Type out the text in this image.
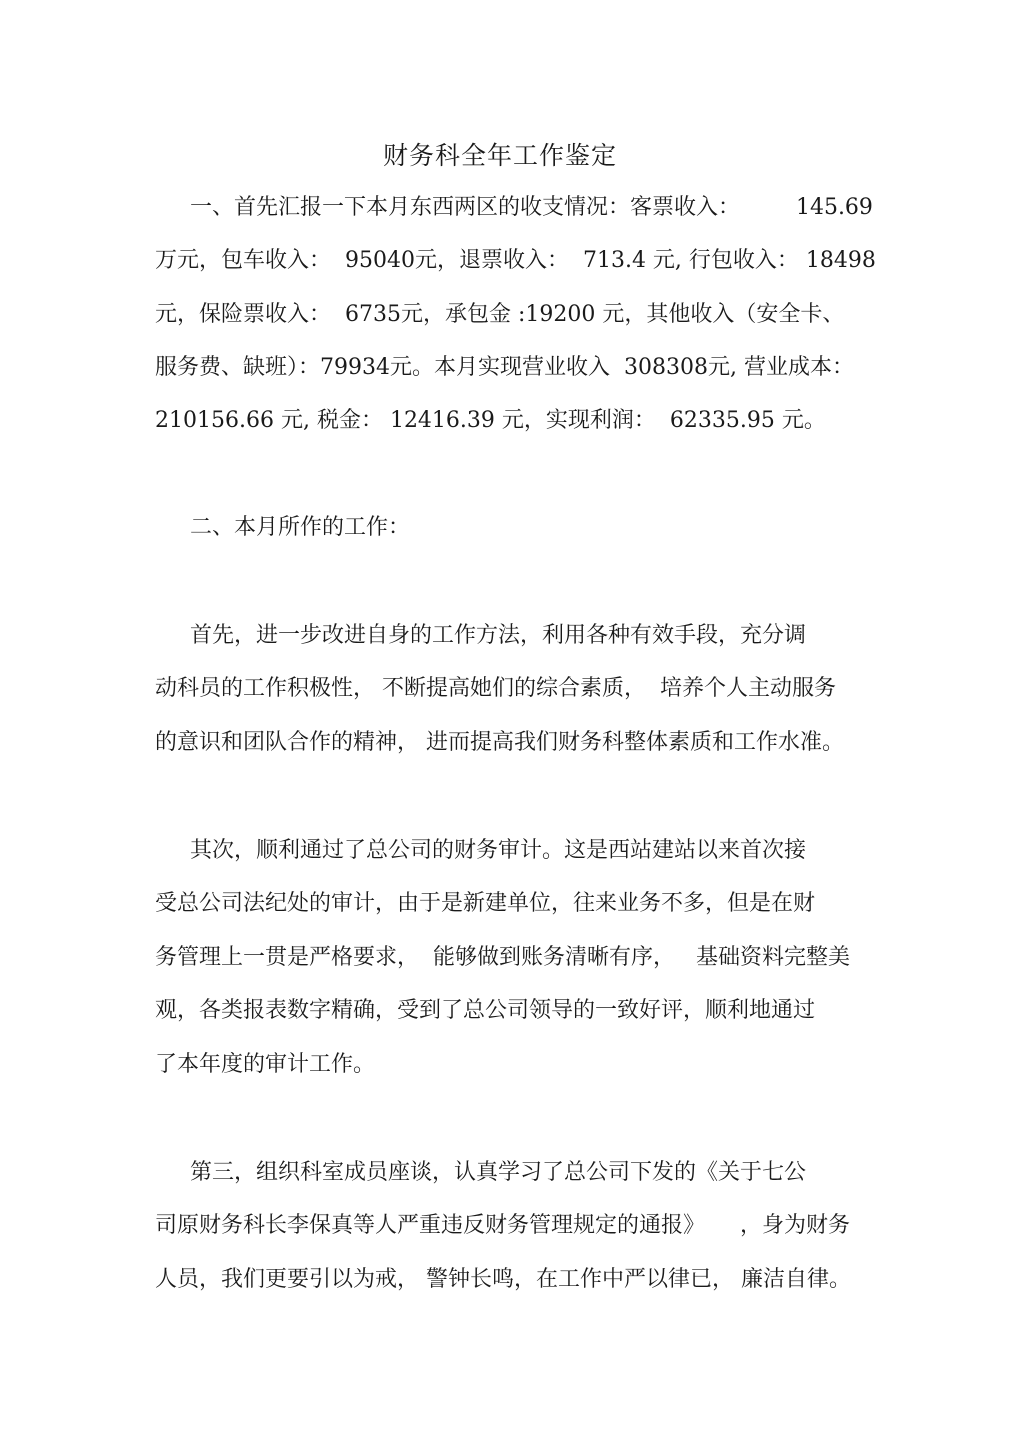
财务科全年工作鉴定
一、首先汇报一下本月东西两区的收支情况：客票收入：        145.69
万元，包车收入：  95040元，退票收入：  713.4 元, 行包收入： 18498
元，保险票收入：  6735元，承包金 :19200 元，其他收入（安全卡、
服务费、缺班）：79934元。本月实现营业收入  308308元, 营业成本：
210156.66 元, 税金： 12416.39 元，实现利润：  62335.95 元。
二、本月所作的工作：
首先，进一步改进自身的工作方法，利用各种有效手段，充分调
动科员的工作积极性， 不断提高她们的综合素质，  培养个人主动服务
的意识和团队合作的精神， 进而提高我们财务科整体素质和工作水准。
其次，顺利通过了总公司的财务审计。这是西站建站以来首次接
受总公司法纪处的审计，由于是新建单位，往来业务不多，但是在财
务管理上一贯是严格要求，  能够做到账务清晰有序，   基础资料完整美
观，各类报表数字精确，受到了总公司领导的一致好评，顺利地通过
了本年度的审计工作。
第三，组织科室成员座谈，认真学习了总公司下发的《关于七公
司原财务科长李保真等人严重违反财务管理规定的通报》     ，身为财务
人员，我们更要引以为戒， 警钟长鸣，在工作中严以律已， 廉洁自律。
